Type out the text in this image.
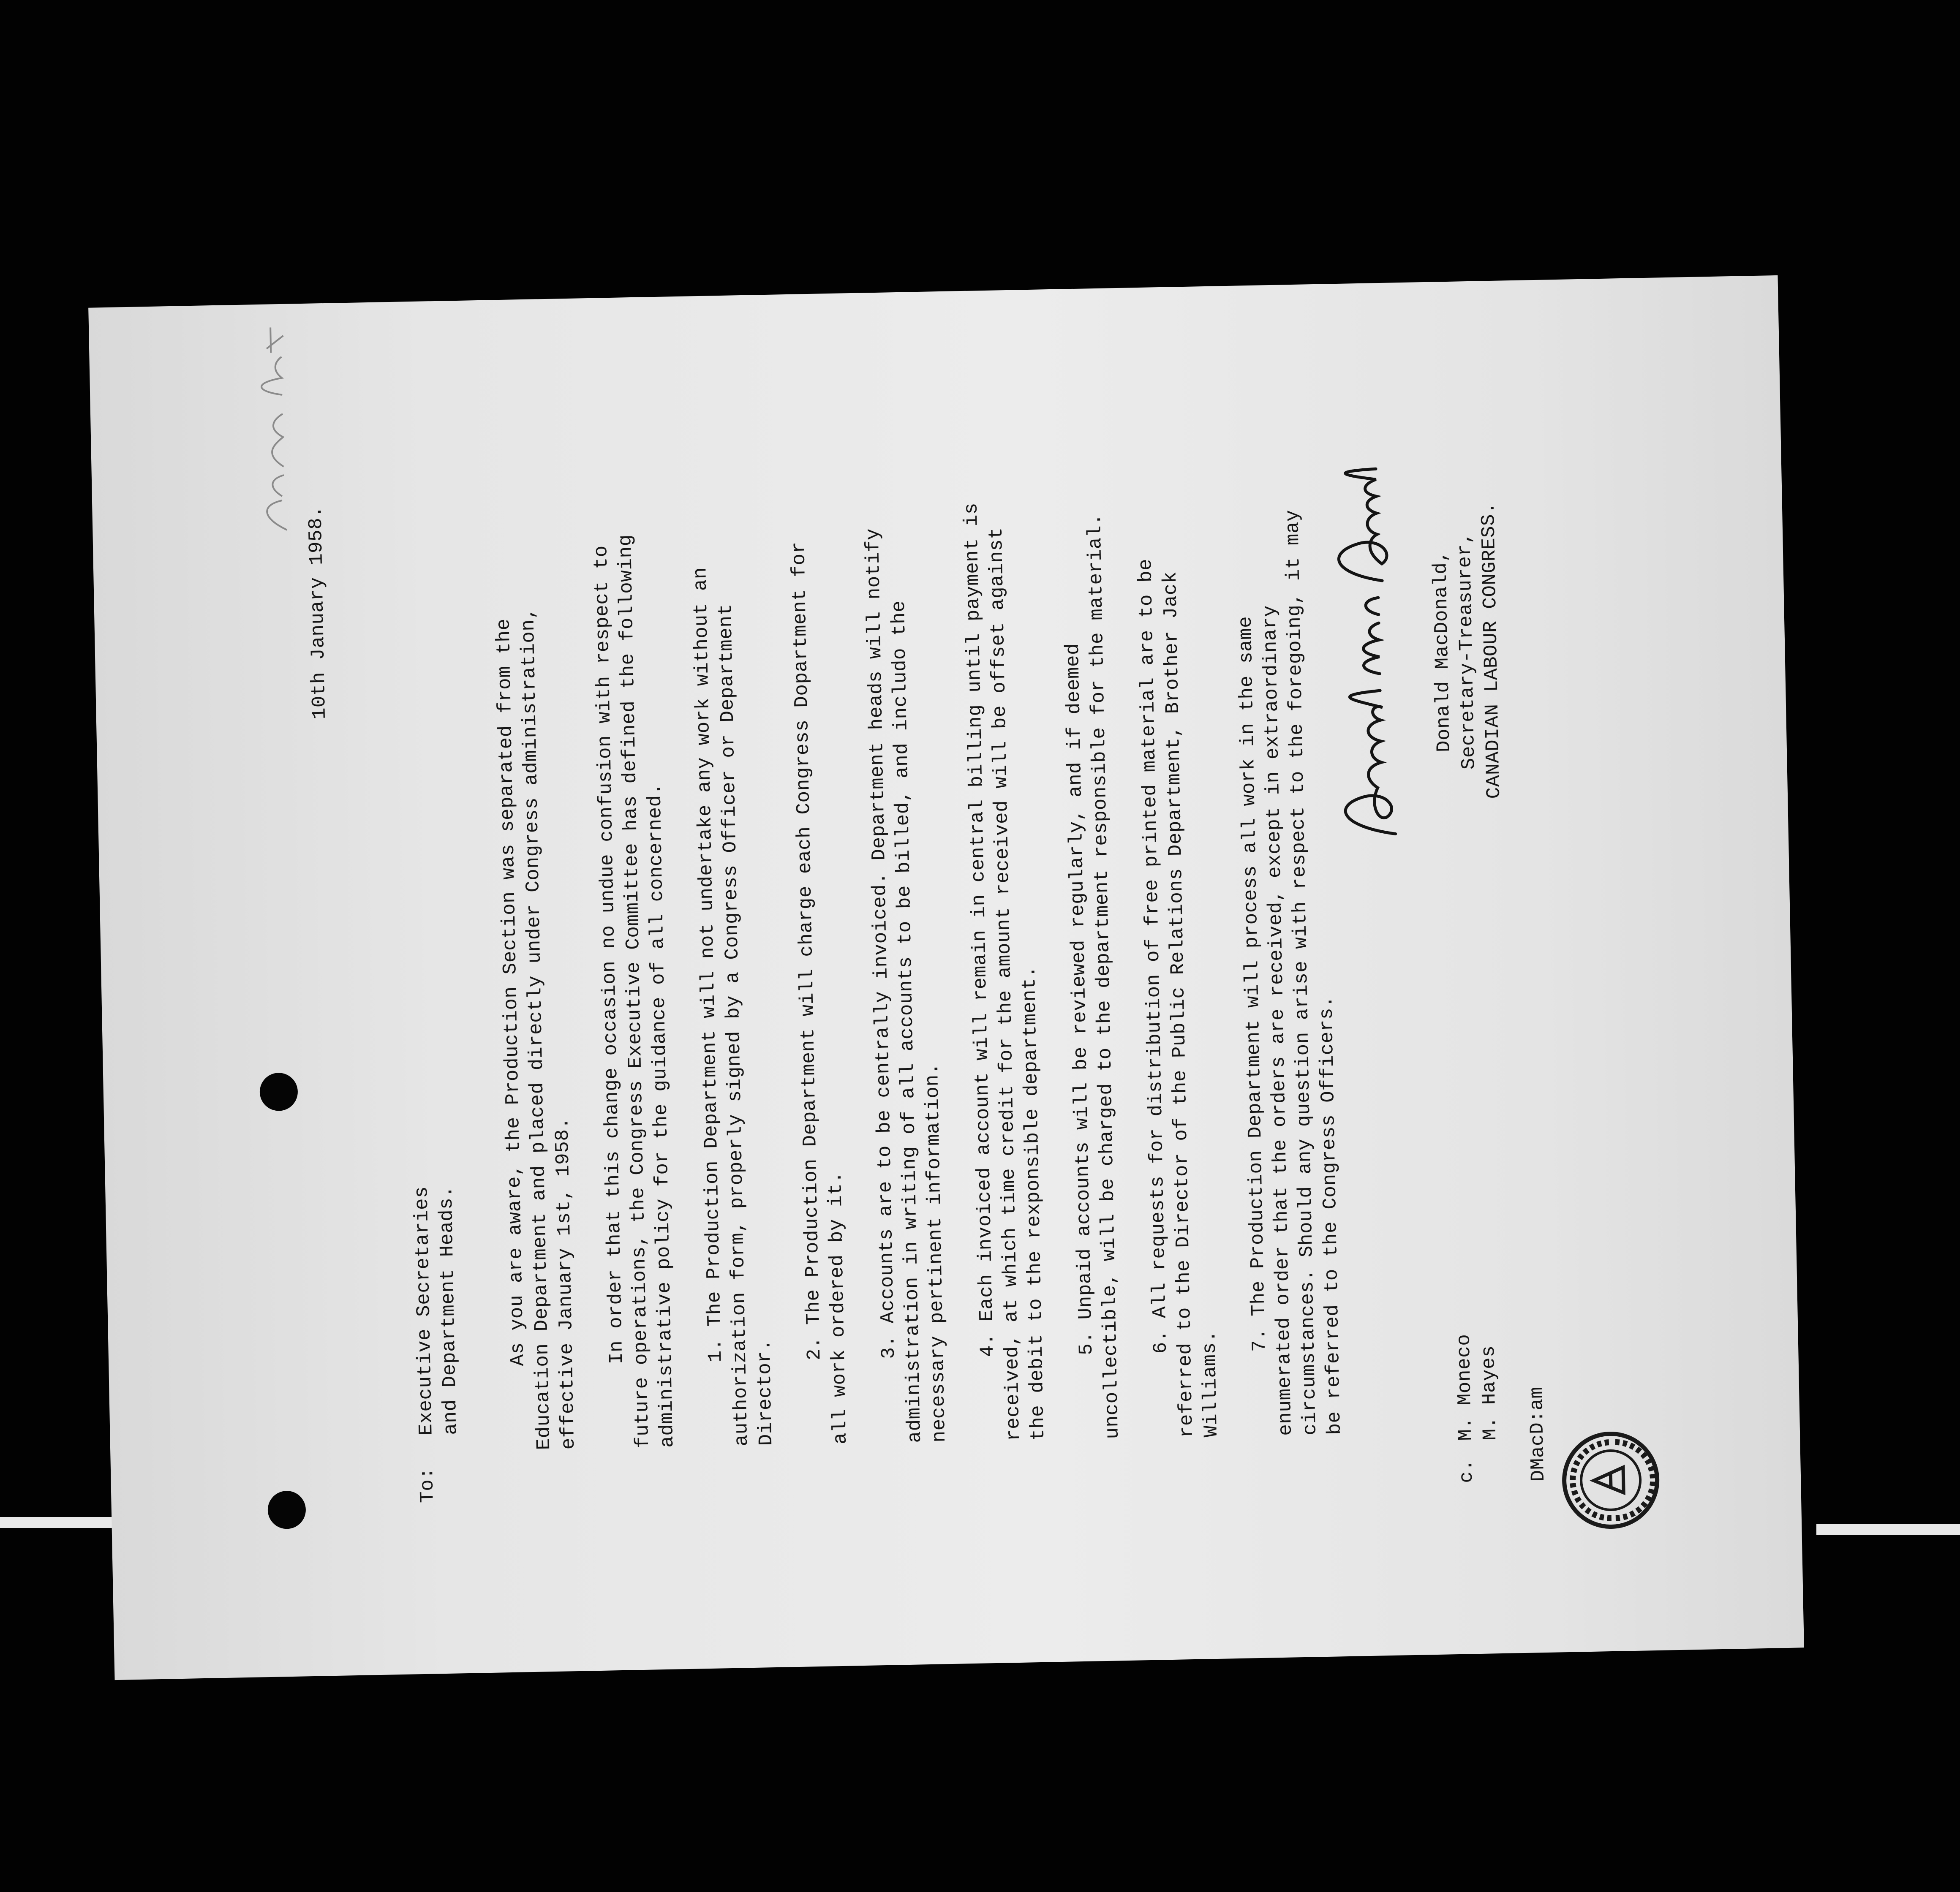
10th January 1958.
To:
Executive Secretaries
and Department Heads. As you are aware, the Production Section was separated from the Education Department and placed directly under Congress administration, effective January 1st, 1958. In order that this change occasion no undue confusion with respect to future operations, the Congress Executive Committee has defined the following administrative policy for the guidance of all concerned. 1. The Production Department will not undertake any work without an authorization form, properly signed by a Congress Officer or Department Director.

2. The Production Department will charge each Congress Dopartment for all work ordered by it. 3. Accounts are to be centrally invoiced. Department heads will notify administration in writing of all accounts to be billed, and includo the necessary pertinent information. 4. Each invoiced account will remain in central billing until payment is received, at which time credit for the amount received will be offset against the debit to the rexponsible department. 5. Unpaid accounts will be reviewed regularly, and if deemed uncollectible, will be charged to the department responsible for the material. 6. All requests for distribution of free printed material are to be referred to the Director of the Public Relations Department, Brother Jack Williams.

7. The Production Department will process all work in the same enumerated order that the orders are received, except in extraordinary circumstances. Should any question arise with respect to the foregoing, it may be referred to the Congress Officers.

Donald MacDonald,
Secretary-Treasurer,
CANADIAN LABOUR CONGRESS.
c.
M. Moneco M. Hayes DMacD:am
